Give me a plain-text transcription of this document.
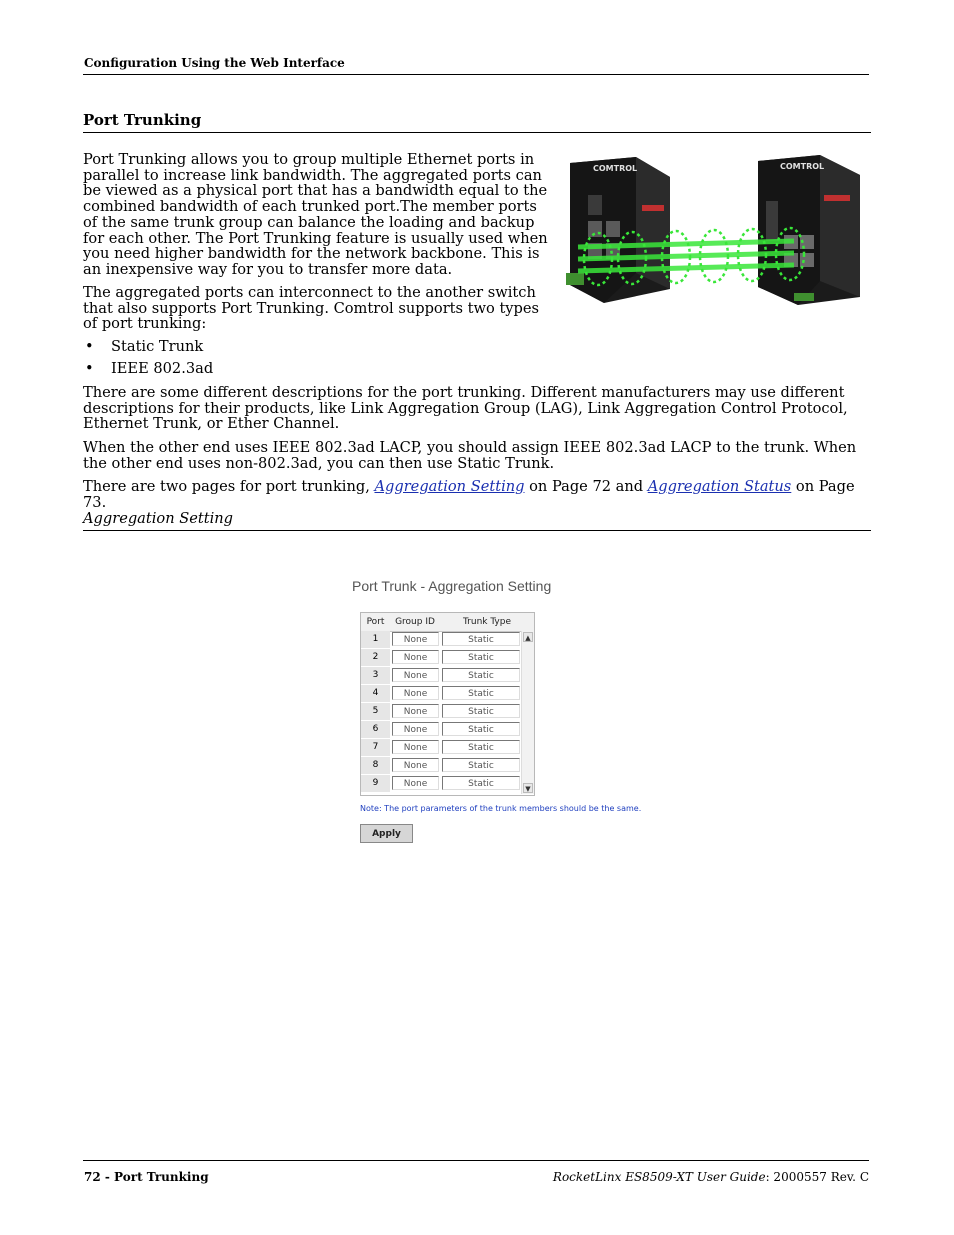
Configuration Using the Web Interface
Port Trunking
Port Trunking allows you to group multiple Ethernet ports in parallel to increase link bandwidth. The aggregated ports can be viewed as a physical port that has a bandwidth equal to the combined bandwidth of each trunked port.The member ports of the same trunk group can balance the loading and backup for each other. The Port Trunking feature is usually used when you need higher bandwidth for the network backbone. This is an inexpensive way for you to transfer more data.
The aggregated ports can interconnect to the another switch that also supports Port Trunking. Comtrol supports two types of port trunking:
• Static Trunk
• IEEE 802.3ad
There are some different descriptions for the port trunking. Different manufacturers may use different descriptions for their products, like Link Aggregation Group (LAG), Link Aggregation Control Protocol, Ethernet Trunk, or Ether Channel.
When the other end uses IEEE 802.3ad LACP, you should assign IEEE 802.3ad LACP to the trunk. When the other end uses non-802.3ad, you can then use Static Trunk.
There are two pages for port trunking, Aggregation Setting on Page 72 and Aggregation Status on Page 73.
Aggregation Setting
COMTROL	COMTROL
Port Trunk - Aggregation Setting
Port	Group ID	Trunk Type
1	None	Static
2	None	Static
3	None	Static
4	None	Static
5	None	Static
6	None	Static
7	None	Static
8	None	Static
9	None	Static
▲
▼
Note: The port parameters of the trunk members should be the same.
Apply
72 - Port Trunking	RocketLinx ES8509-XT User Guide: 2000557 Rev. C
